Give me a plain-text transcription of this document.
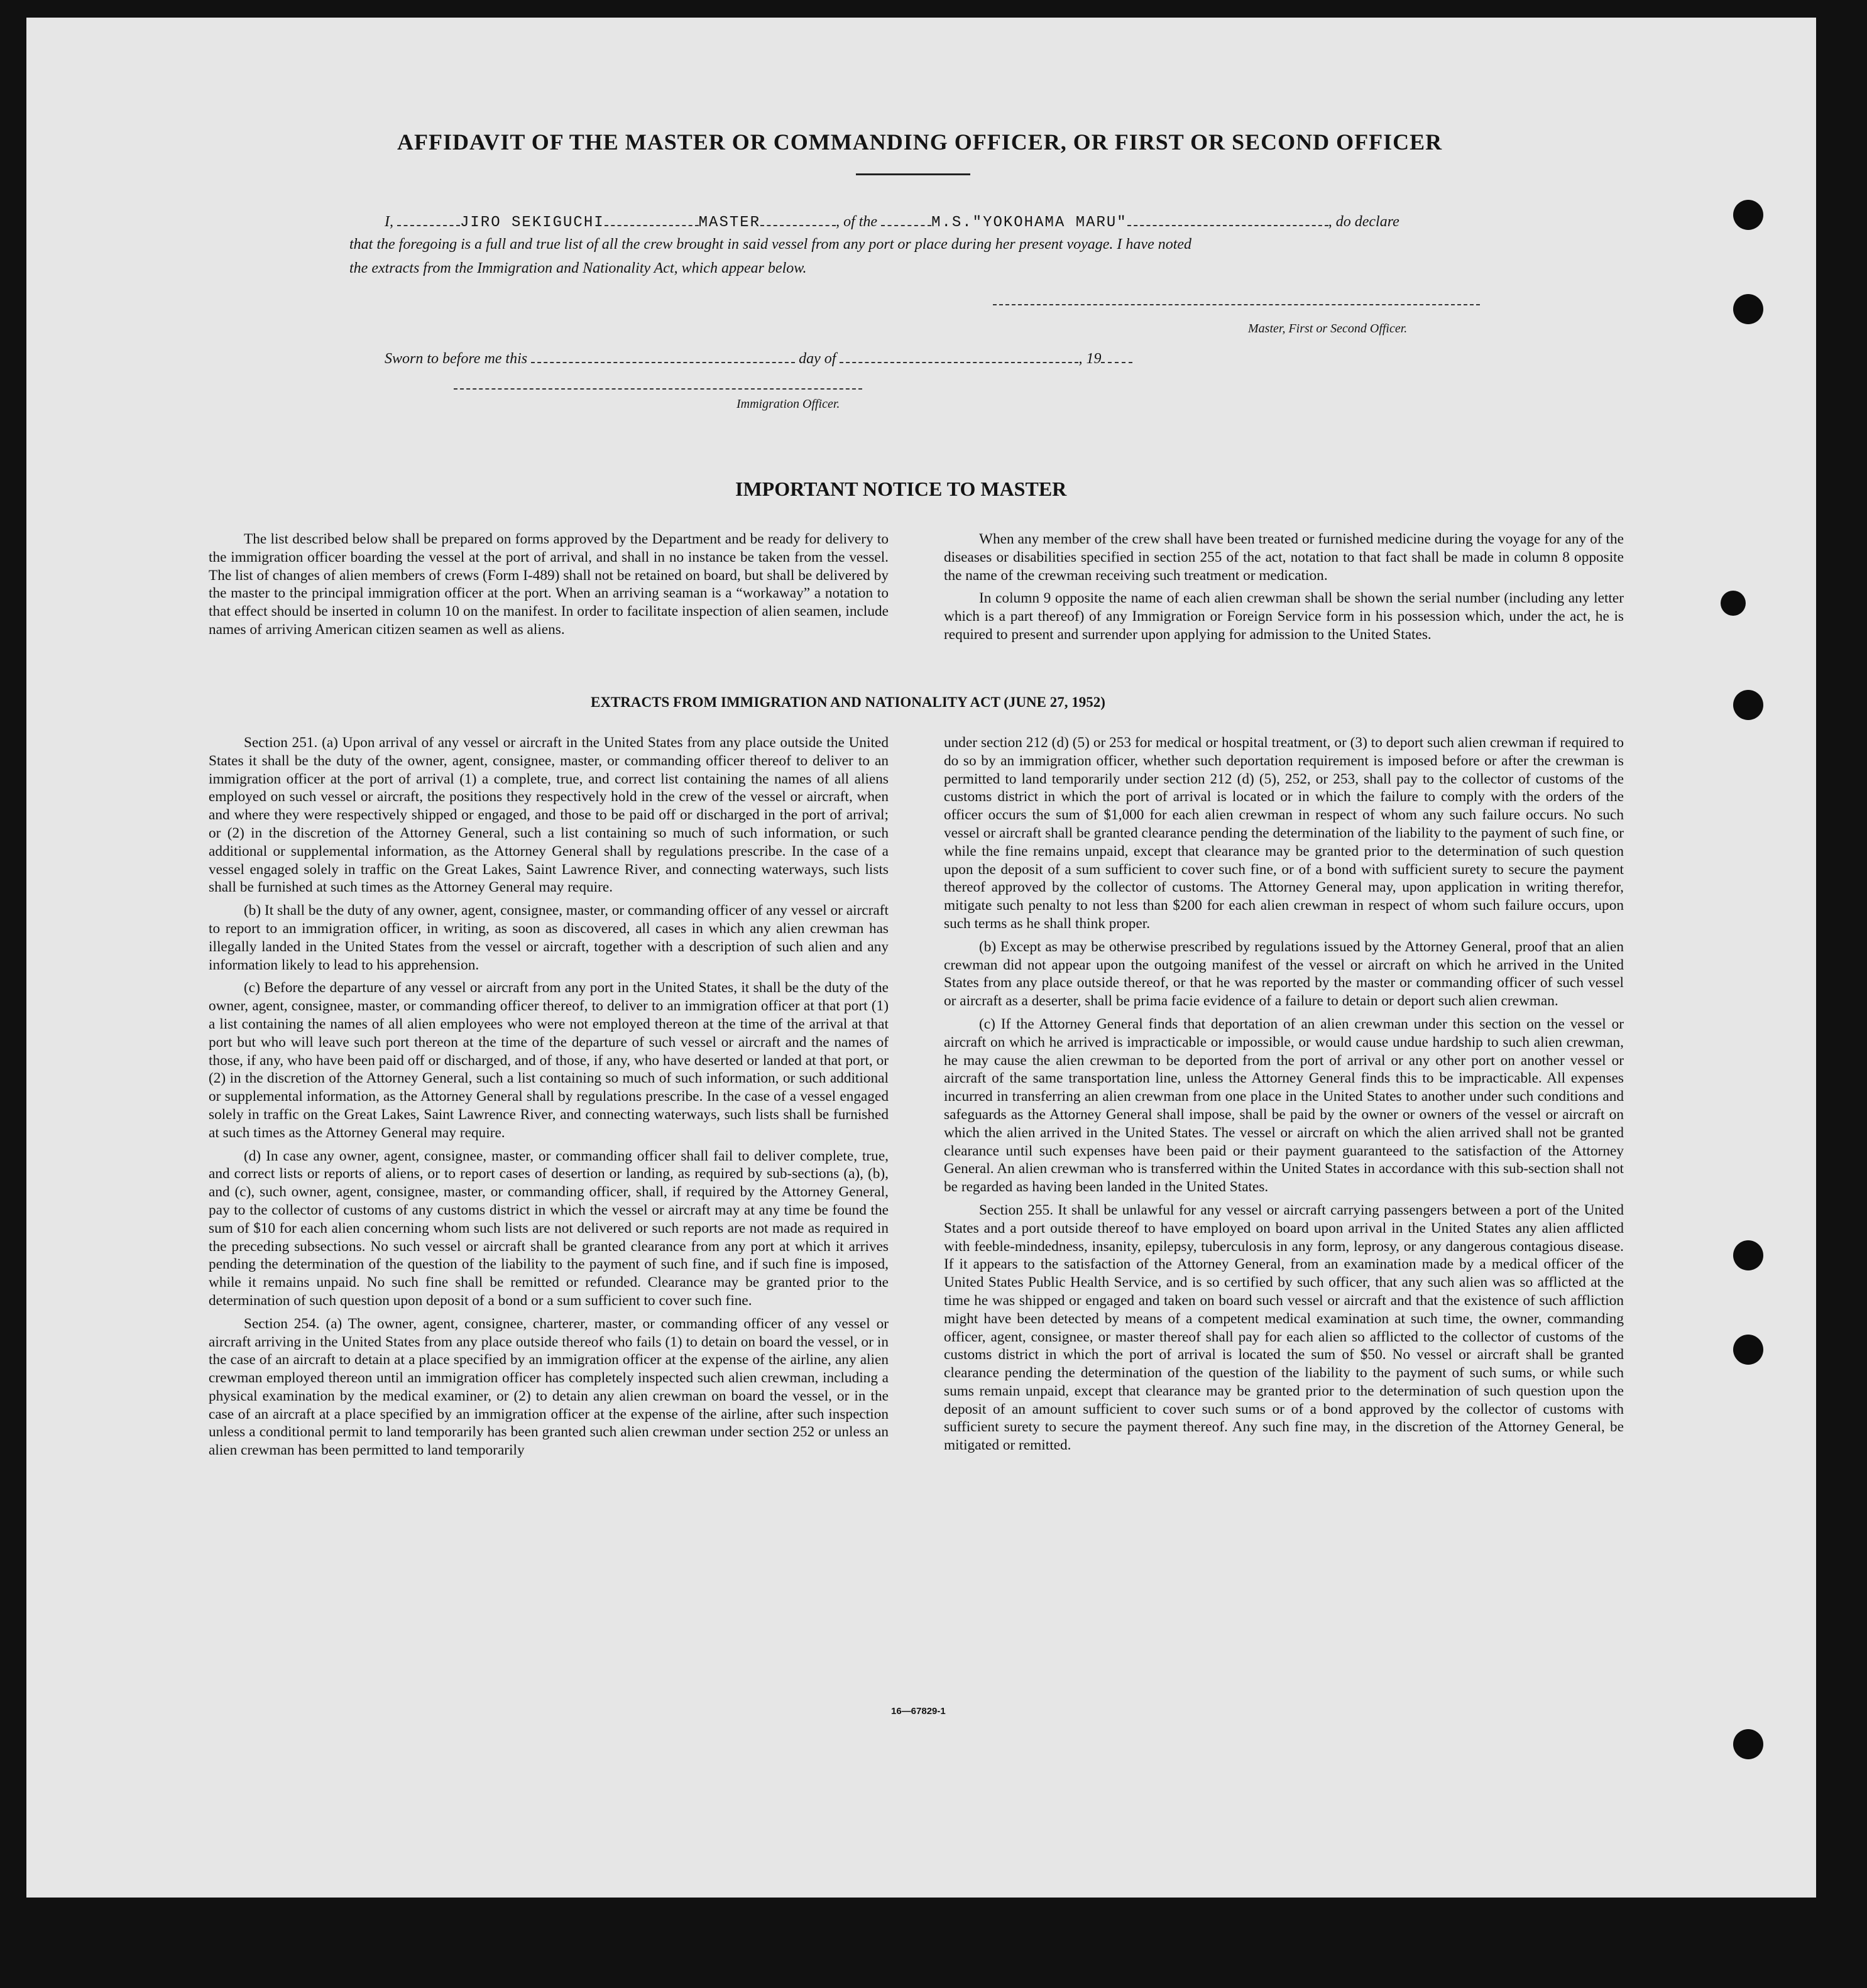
AFFIDAVIT OF THE MASTER OR COMMANDING OFFICER, OR FIRST OR SECOND OFFICER
I,	JIRO SEKIGUCHI	MASTER	, of the	M.S."YOKOHAMA MARU"	, do declare
that the foregoing is a full and true list of all the crew brought in said vessel from any port or place during her present voyage. I have noted
the extracts from the Immigration and Nationality Act, which appear below.
Master, First or Second Officer.
Sworn to before me this	day of	, 19
Immigration Officer.
IMPORTANT NOTICE TO MASTER

The list described below shall be prepared on forms approved by the Department and be ready for delivery to the immigration officer boarding the vessel at the port of arrival, and shall in no instance be taken from the vessel. The list of changes of alien members of crews (Form I-489) shall not be retained on board, but shall be delivered by the master to the principal immigration officer at the port. When an arriving seaman is a “workaway” a notation to that effect should be inserted in column 10 on the manifest. In order to facilitate inspection of alien seamen, include names of arriving American citizen seamen as well as aliens.

When any member of the crew shall have been treated or furnished medicine during the voyage for any of the diseases or disabilities specified in section 255 of the act, notation to that fact shall be made in column 8 opposite the name of the crewman receiving such treatment or medication.

In column 9 opposite the name of each alien crewman shall be shown the serial number (including any letter which is a part thereof) of any Immigration or Foreign Service form in his possession which, under the act, he is required to present and surrender upon applying for admission to the United States.

EXTRACTS FROM IMMIGRATION AND NATIONALITY ACT (JUNE 27, 1952)

Section 251. (a) Upon arrival of any vessel or aircraft in the United States from any place outside the United States it shall be the duty of the owner, agent, consignee, master, or commanding officer thereof to deliver to an immigration officer at the port of arrival (1) a complete, true, and correct list containing the names of all aliens employed on such vessel or aircraft, the positions they respectively hold in the crew of the vessel or aircraft, when and where they were respectively shipped or engaged, and those to be paid off or discharged in the port of arrival; or (2) in the discretion of the Attorney General, such a list containing so much of such information, or such additional or supplemental information, as the Attorney General shall by regulations prescribe. In the case of a vessel engaged solely in traffic on the Great Lakes, Saint Lawrence River, and connecting waterways, such lists shall be furnished at such times as the Attorney General may require.

(b) It shall be the duty of any owner, agent, consignee, master, or commanding officer of any vessel or aircraft to report to an immigration officer, in writing, as soon as discovered, all cases in which any alien crewman has illegally landed in the United States from the vessel or aircraft, together with a description of such alien and any information likely to lead to his apprehension.

(c) Before the departure of any vessel or aircraft from any port in the United States, it shall be the duty of the owner, agent, consignee, master, or commanding officer thereof, to deliver to an immigration officer at that port (1) a list containing the names of all alien employees who were not employed thereon at the time of the arrival at that port but who will leave such port thereon at the time of the departure of such vessel or aircraft and the names of those, if any, who have been paid off or discharged, and of those, if any, who have deserted or landed at that port, or (2) in the discretion of the Attorney General, such a list containing so much of such information, or such additional or supplemental information, as the Attorney General shall by regulations prescribe. In the case of a vessel engaged solely in traffic on the Great Lakes, Saint Lawrence River, and connecting waterways, such lists shall be furnished at such times as the Attorney General may require.

(d) In case any owner, agent, consignee, master, or commanding officer shall fail to deliver complete, true, and correct lists or reports of aliens, or to report cases of desertion or landing, as required by sub-sections (a), (b), and (c), such owner, agent, consignee, master, or commanding officer, shall, if required by the Attorney General, pay to the collector of customs of any customs district in which the vessel or aircraft may at any time be found the sum of $10 for each alien concerning whom such lists are not delivered or such reports are not made as required in the preceding subsections. No such vessel or aircraft shall be granted clearance from any port at which it arrives pending the determination of the question of the liability to the payment of such fine, and if such fine is imposed, while it remains unpaid. No such fine shall be remitted or refunded. Clearance may be granted prior to the determination of such question upon deposit of a bond or a sum sufficient to cover such fine.

Section 254. (a) The owner, agent, consignee, charterer, master, or commanding officer of any vessel or aircraft arriving in the United States from any place outside thereof who fails (1) to detain on board the vessel, or in the case of an aircraft to detain at a place specified by an immigration officer at the expense of the airline, any alien crewman employed thereon until an immigration officer has completely inspected such alien crewman, including a physical examination by the medical examiner, or (2) to detain any alien crewman on board the vessel, or in the case of an aircraft at a place specified by an immigration officer at the expense of the airline, after such inspection unless a conditional permit to land temporarily has been granted such alien crewman under section 252 or unless an alien crewman has been permitted to land temporarily

under section 212 (d) (5) or 253 for medical or hospital treatment, or (3) to deport such alien crewman if required to do so by an immigration officer, whether such deportation requirement is imposed before or after the crewman is permitted to land temporarily under section 212 (d) (5), 252, or 253, shall pay to the collector of customs of the customs district in which the port of arrival is located or in which the failure to comply with the orders of the officer occurs the sum of $1,000 for each alien crewman in respect of whom any such failure occurs. No such vessel or aircraft shall be granted clearance pending the determination of the liability to the payment of such fine, or while the fine remains unpaid, except that clearance may be granted prior to the determination of such question upon the deposit of a sum sufficient to cover such fine, or of a bond with sufficient surety to secure the payment thereof approved by the collector of customs. The Attorney General may, upon application in writing therefor, mitigate such penalty to not less than $200 for each alien crewman in respect of whom such failure occurs, upon such terms as he shall think proper.

(b) Except as may be otherwise prescribed by regulations issued by the Attorney General, proof that an alien crewman did not appear upon the outgoing manifest of the vessel or aircraft on which he arrived in the United States from any place outside thereof, or that he was reported by the master or commanding officer of such vessel or aircraft as a deserter, shall be prima facie evidence of a failure to detain or deport such alien crewman.

(c) If the Attorney General finds that deportation of an alien crewman under this section on the vessel or aircraft on which he arrived is impracticable or impossible, or would cause undue hardship to such alien crewman, he may cause the alien crewman to be deported from the port of arrival or any other port on another vessel or aircraft of the same transportation line, unless the Attorney General finds this to be impracticable. All expenses incurred in transferring an alien crewman from one place in the United States to another under such conditions and safeguards as the Attorney General shall impose, shall be paid by the owner or owners of the vessel or aircraft on which the alien arrived in the United States. The vessel or aircraft on which the alien arrived shall not be granted clearance until such expenses have been paid or their payment guaranteed to the satisfaction of the Attorney General. An alien crewman who is transferred within the United States in accordance with this sub-section shall not be regarded as having been landed in the United States.

Section 255. It shall be unlawful for any vessel or aircraft carrying passengers between a port of the United States and a port outside thereof to have employed on board upon arrival in the United States any alien afflicted with feeble-mindedness, insanity, epilepsy, tuberculosis in any form, leprosy, or any dangerous contagious disease. If it appears to the satisfaction of the Attorney General, from an examination made by a medical officer of the United States Public Health Service, and is so certified by such officer, that any such alien was so afflicted at the time he was shipped or engaged and taken on board such vessel or aircraft and that the existence of such affliction might have been detected by means of a competent medical examination at such time, the owner, commanding officer, agent, consignee, or master thereof shall pay for each alien so afflicted to the collector of customs of the customs district in which the port of arrival is located the sum of $50. No vessel or aircraft shall be granted clearance pending the determination of the question of the liability to the payment of such sums, or while such sums remain unpaid, except that clearance may be granted prior to the determination of such question upon the deposit of an amount sufficient to cover such sums or of a bond approved by the collector of customs with sufficient surety to secure the payment thereof. Any such fine may, in the discretion of the Attorney General, be mitigated or remitted.

16—67829-1
